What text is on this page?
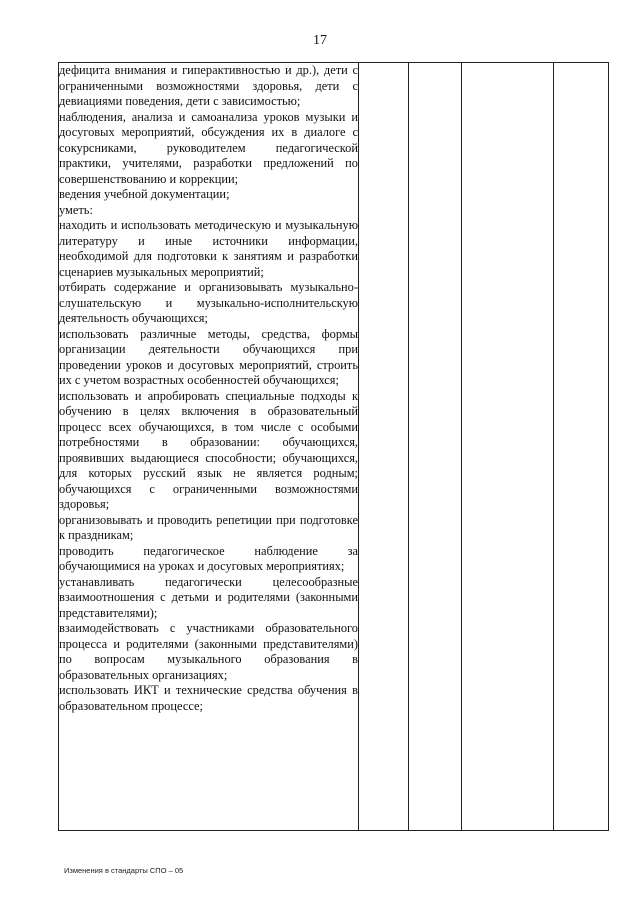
17
дефицита внимания и гиперактивностью и др.), дети с ограниченными возможностями здоровья, дети с девиациями поведения, дети с зависимостью;
наблюдения, анализа и самоанализа уроков музыки и досуговых мероприятий, обсуждения их в диалоге с сокурсниками, руководителем педагогической практики, учителями, разработки предложений по совершенствованию и коррекции;
ведения учебной документации;
уметь:
находить и использовать методическую и музыкальную литературу и иные источники информации, необходимой для подготовки к занятиям и разработки сценариев музыкальных мероприятий;
отбирать содержание и организовывать музыкально-слушательскую и музыкально-исполнительскую деятельность обучающихся;
использовать различные методы, средства, формы организации деятельности обучающихся при проведении уроков и досуговых мероприятий, строить их с учетом возрастных особенностей обучающихся;
использовать и апробировать специальные подходы к обучению в целях включения в образовательный процесс всех обучающихся, в том числе с особыми потребностями в образовании: обучающихся, проявивших выдающиеся способности; обучающихся, для которых русский язык не является родным; обучающихся с ограниченными возможностями здоровья;
организовывать и проводить репетиции при подготовке к праздникам;
проводить педагогическое наблюдение за обучающимися на уроках и досуговых мероприятиях;
устанавливать педагогически целесообразные взаимоотношения с детьми и родителями (законными представителями);
взаимодействовать с участниками образовательного процесса и родителями (законными представителями) по вопросам музыкального образования в образовательных организациях;
использовать ИКТ и технические средства обучения в образовательном процессе;

Изменения в стандарты СПО – 05
